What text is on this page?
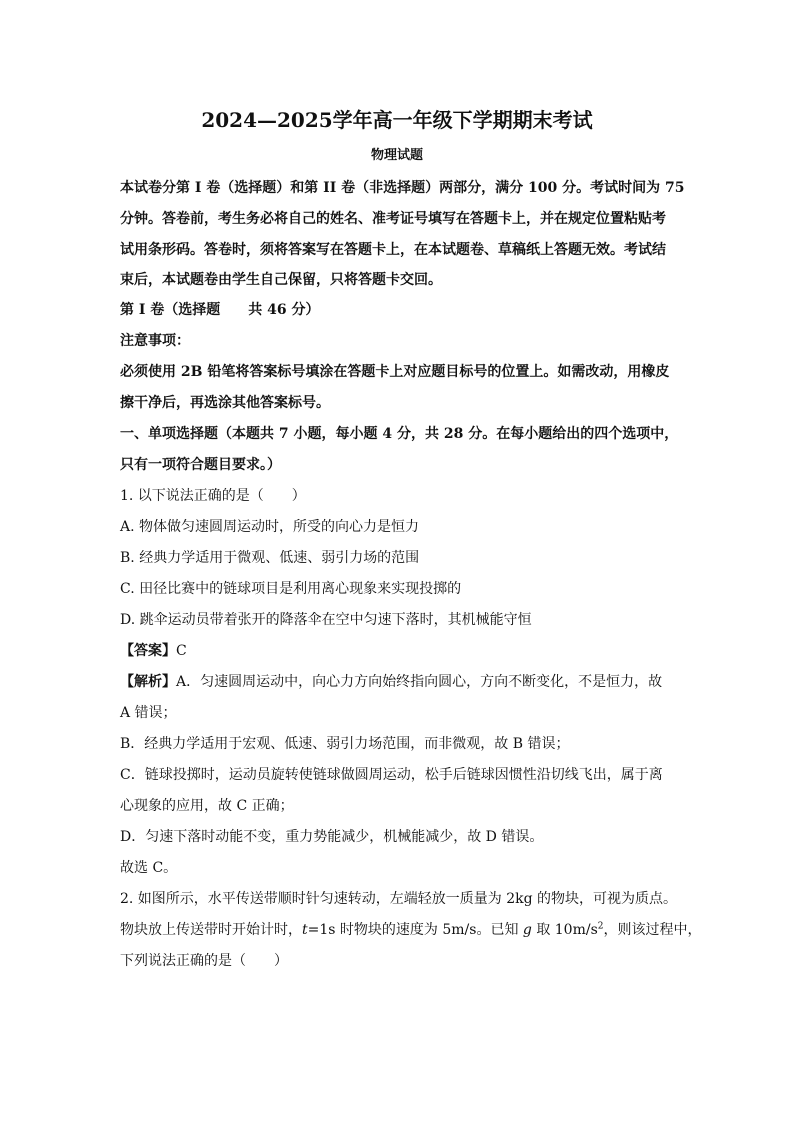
2024—2025学年高一年级下学期期末考试
物理试题
本试卷分第 I 卷（选择题）和第 II 卷（非选择题）两部分，满分 100 分。考试时间为 75
分钟。答卷前，考生务必将自己的姓名、准考证号填写在答题卡上，并在规定位置粘贴考
试用条形码。答卷时，须将答案写在答题卡上，在本试题卷、草稿纸上答题无效。考试结
束后，本试题卷由学生自己保留，只将答题卡交回。
第 I 卷（选择题　　共 46 分）
注意事项：
必须使用 2B 铅笔将答案标号填涂在答题卡上对应题目标号的位置上。如需改动，用橡皮
擦干净后，再选涂其他答案标号。
一、单项选择题（本题共 7 小题，每小题 4 分，共 28 分。在每小题给出的四个选项中，
只有一项符合题目要求。）
1. 以下说法正确的是（　　）
A. 物体做匀速圆周运动时，所受的向心力是恒力
B. 经典力学适用于微观、低速、弱引力场的范围
C. 田径比赛中的链球项目是利用离心现象来实现投掷的
D. 跳伞运动员带着张开的降落伞在空中匀速下落时，其机械能守恒
【答案】C
【解析】A．匀速圆周运动中，向心力方向始终指向圆心，方向不断变化，不是恒力，故
A 错误；
B．经典力学适用于宏观、低速、弱引力场范围，而非微观，故 B 错误；
C．链球投掷时，运动员旋转使链球做圆周运动，松手后链球因惯性沿切线飞出，属于离
心现象的应用，故 C 正确；
D．匀速下落时动能不变，重力势能减少，机械能减少，故 D 错误。
故选 C。
2. 如图所示，水平传送带顺时针匀速转动，左端轻放一质量为 2kg 的物块，可视为质点。
物块放上传送带时开始计时，t=1s 时物块的速度为 5m/s。已知 g 取 $10m/s^2$，则该过程中，
下列说法正确的是（　　）
